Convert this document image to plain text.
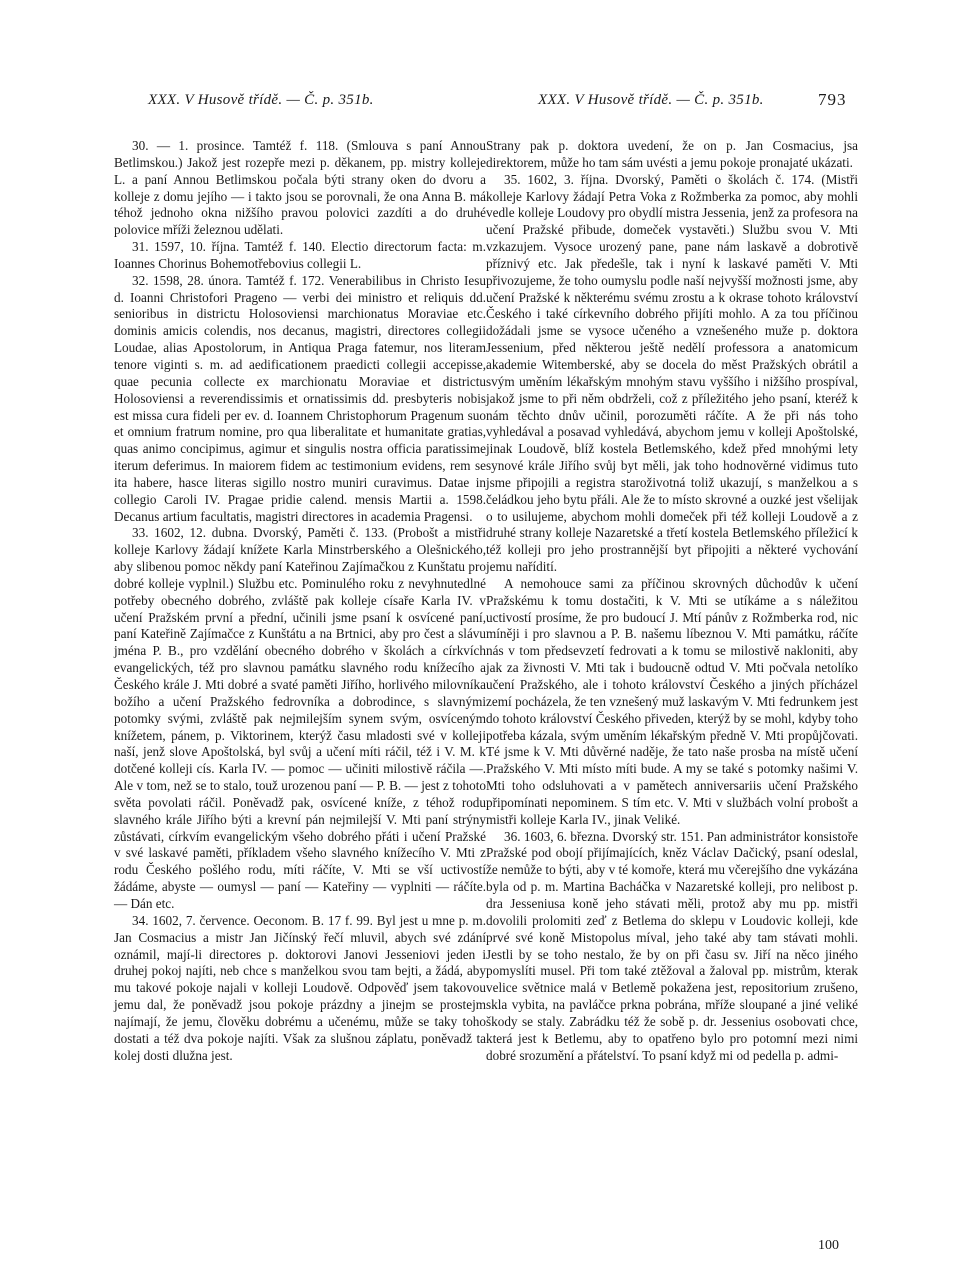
XXX. V Husově třídě. — Č. p. 351b.	XXX. V Husově třídě. — Č. p. 351b.	793

30. — 1. prosince. Tamtéž f. 118. (Smlouva s paní Annou Betlimskou.) Jakož jest rozepře mezi p. děkanem, pp. mistry kolleje L. a paní Annou Betlimskou počala býti strany oken do dvoru a kolleje z domu jejího — i takto jsou se porovnali, že ona Anna B. má téhož jednoho okna nižšího pravou polovici zazdíti a do druhé polovice mříži železnou udělati.

31. 1597, 10. října. Tamtéž f. 140. Electio directorum facta: m. Ioannes Chorinus Bohemotřebovius collegii L.

32. 1598, 28. února. Tamtéž f. 172. Venerabilibus in Christo Iesu d. Ioanni Christofori Prageno — verbi dei ministro et reliquis dd. senioribus in districtu Holosoviensi marchionatus Moraviae etc. dominis amicis colendis, nos decanus, magistri, directores collegii Loudae, alias Apostolorum, in Antiqua Praga fatemur, nos literam tenore viginti s. m. ad aedificationem praedicti collegii accepisse, quae pecunia collecte ex marchionatu Moraviae et districtu Holosoviensi a reverendissimis et ornatissimis dd. presbyteris nobis est missa cura fideli per ev. d. Ioannem Christophorum Pragenum suo et omnium fratrum nomine, pro qua liberalitate et humanitate gratias, quas animo concipimus, agimur et singulis nostra officia paratissime iterum deferimus. In maiorem fidem ac testimonium evidens, rem se ita habere, hasce literas sigillo nostro muniri curavimus. Datae in collegio Caroli IV. Pragae pridie calend. mensis Martii a. 1598. Decanus artium facultatis, magistri directores in academia Pragensi.

33. 1602, 12. dubna. Dvorský, Paměti č. 133. (Probošt a mistři kolleje Karlovy žádají knížete Karla Minstrberského a Olešnického, aby slibenou pomoc někdy paní Kateřinou Zajímačkou z Kunštatu pro dobré kolleje vyplnil.) Službu etc. Pominulého roku z nevyhnutedlné potřeby obecného dobrého, zvláště pak kolleje císaře Karla IV. v učení Pražském první a přední, učinili jsme psaní k osvícené paní, paní Kateřině Zajímačce z Kunštátu a na Brtnici, aby pro čest a slávu jména P. B., pro vzdělání obecného dobrého v školách a církvích evangelických, též pro slavnou památku slavného rodu knížecího a Českého krále J. Mti dobré a svaté paměti Jiřího, horlivého milovníka božího a učení Pražského fedrovníka a dobrodince, s slavnými potomky svými, zvláště pak nejmilejším synem svým, osvíceným knížetem, pánem, p. Viktorinem, kterýž času mladosti své v kolleji naší, jenž slove Apoštolská, byl svůj a učení míti ráčil, též i V. M. k dotčené kolleji cís. Karla IV. — pomoc — učiniti milostivě ráčila —. Ale v tom, než se to stalo, touž urozenou paní — P. B. — jest z tohoto světa povolati ráčil. Poněvadž pak, osvícené kníže, z téhož rodu slavného krále Jiřího býti a krevní pán nejmilejší V. Mti paní strýny zůstávati, církvím evangelickým všeho dobrého přáti i učení Pražské v své laskavé paměti, příkladem všeho slavného knížecího V. Mti z rodu Českého pošlého rodu, míti ráčíte, V. Mti se vší uctivostí žádáme, abyste — oumysl — paní — Kateřiny — vyplniti — ráčíte. — Dán etc.

34. 1602, 7. července. Oeconom. B. 17 f. 99. Byl jest u mne p. m. Jan Cosmacius a mistr Jan Jičínský řečí mluvil, abych své zdání oznámil, mají-li directores p. doktorovi Janovi Jesseniovi jeden i druhej pokoj najíti, neb chce s manželkou svou tam bejti, a žádá, aby mu takové pokoje najali v kolleji Loudově. Odpověď jsem takovou jemu dal, že poněvadž jsou pokoje prázdny a jinejm se prostejm najímají, že jemu, člověku dobrému a učenému, může se taky toho dostati a též dva pokoje najíti. Však za slušnou záplatu, poněvadž ta kolej dosti dlužna jest.

Strany pak p. doktora uvedení, že on p. Jan Cosmacius, jsa direktorem, může ho tam sám uvésti a jemu pokoje pronajaté ukázati.

35. 1602, 3. října. Dvorský, Paměti o školách č. 174. (Mistři kolleje Karlovy žádají Petra Voka z Rožmberka za pomoc, aby mohli vedle kolleje Loudovy pro obydlí mistra Jessenia, jenž za profesora na učení Pražské přibude, domeček vystavěti.) Službu svou V. Mti vzkazujem. Vysoce urozený pane, pane nám laskavě a dobrotivě příznivý etc. Jak předešle, tak i nyní k laskavé paměti V. Mti přivozujeme, že toho oumyslu podle naší nejvyšší možnosti jsme, aby učení Pražské k některému svému zrostu a k okrase tohoto království Českého i také církevního dobrého přijíti mohlo. A za tou příčinou dožádali jsme se vysoce učeného a vznešeného muže p. doktora Jessenium, před některou ještě nedělí professora a anatomicum akademie Witemberské, aby se docela do měst Pražských obrátil a svým uměním lékařským mnohým stavu vyššího i nižšího prospíval, jakož jsme to při něm obdrželi, což z příležitého jeho psaní, kteréž k nám těchto dnův učinil, porozuměti ráčíte. A že při nás toho vyhledával a posavad vyhledává, abychom jemu v kolleji Apoštolské, jinak Loudově, blíž kostela Betlemského, kdež před mnohými lety synové krále Jiřího svůj byt měli, jak toho hodnověrné vidimus tuto jsme připojili a registra staroživotná toliž ukazují, s manželkou a s čeládkou jeho bytu přáli. Ale že to místo skrovné a ouzké jest všelijak o to usilujeme, abychom mohli domeček při též kolleji Loudově a z druhé strany kolleje Nazaretské a třetí kostela Betlemského příležicí k též kolleji pro jeho prostrannější byt připojiti a některé vychování jemu nařídití.

A nemohouce sami za příčinou skrovných důchodův k učení Pražskému k tomu dostačiti, k V. Mti se utíkáme a s náležitou uctivostí prosíme, že pro budoucí J. Mtí pánův z Rožmberka rod, nic míněji i pro slavnou a P. B. našemu líbeznou V. Mti památku, ráčíte nás v tom předsevzetí fedrovati a k tomu se milostivě nakloniti, aby jak za živnosti V. Mti tak i budoucně odtud V. Mti počvala netolíko učení Pražského, ale i tohoto království Českého a jiných přícházel zemí pocházela, že ten vznešený muž laskavým V. Mti fedrunkem jest do tohoto království Českého přiveden, kterýž by se mohl, kdyby toho potřeba kázala, svým uměním lékařským předně V. Mti propůjčovati. Té jsme k V. Mti důvěrné naděje, že tato naše prosba na místě učení Pražského V. Mti místo míti bude. A my se také s potomky našimi V. Mti toho odsluhovati a v pamětech anniversariis učení Pražského připomínati nepominem. S tím etc. V. Mti v službách volní probošt a mistři kolleje Karla IV., jinak Veliké.

36. 1603, 6. března. Dvorský str. 151. Pan administrátor konsistoře Pražské pod obojí přijímajících, kněz Václav Dačický, psaní odeslal, že nemůže to býti, aby v té komoře, která mu včerejšího dne vykázána byla od p. m. Martina Bacháčka v Nazaretské kolleji, pro nelibost p. dra Jesseniusa koně jeho stávati měli, protož aby mu pp. mistři dovolili prolomiti zeď z Betlema do sklepu v Loudovic kolleji, kde prvé své koně Mistopolus míval, jeho také aby tam stávati mohli. Jestli by se toho nestalo, že by on při času sv. Jiří na něco jiného pomyslíti musel. Při tom také ztěžoval a žaloval pp. mistrům, kterak velice světnice malá v Betlemě pokažena jest, repositorium zrušeno, skla vybita, na pavláčce prkna pobrána, mříže sloupané a jiné veliké škody se staly. Zabrádku též že sobě p. dr. Jessenius osobovati chce, která jest k Betlemu, aby to opatřeno bylo pro potomní mezi nimi dobré srozumění a přátelství. To psaní když mi od pedella p. admi-

100
